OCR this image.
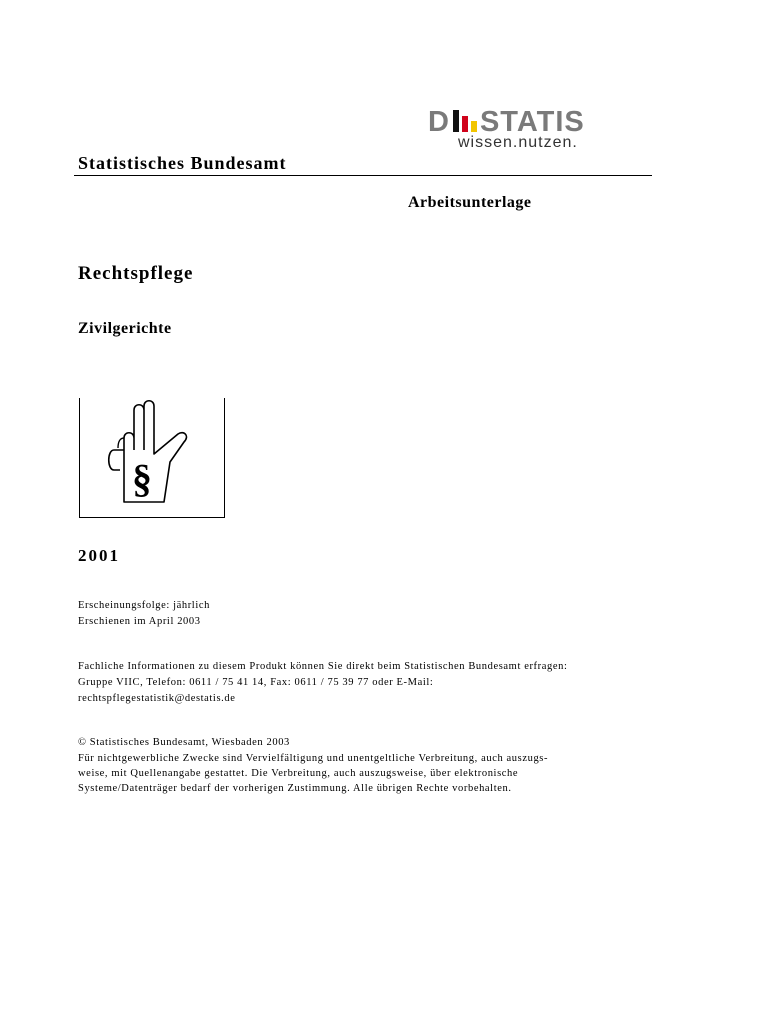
D STATIS
wissen.nutzen.
Statistisches Bundesamt
Arbeitsunterlage
Rechtspflege
Zivilgerichte
§
2001
Erscheinungsfolge: jährlich
Erschienen im April 2003
Fachliche Informationen zu diesem Produkt können Sie direkt beim Statistischen Bundesamt erfragen:
Gruppe VIIC, Telefon: 0611 / 75 41 14, Fax: 0611 / 75 39 77 oder E-Mail:
rechtspflegestatistik@destatis.de
© Statistisches Bundesamt, Wiesbaden 2003
Für nichtgewerbliche Zwecke sind Vervielfältigung und unentgeltliche Verbreitung, auch auszugs-
weise, mit Quellenangabe gestattet. Die Verbreitung, auch auszugsweise, über elektronische
Systeme/Datenträger bedarf der vorherigen Zustimmung. Alle übrigen Rechte vorbehalten.
